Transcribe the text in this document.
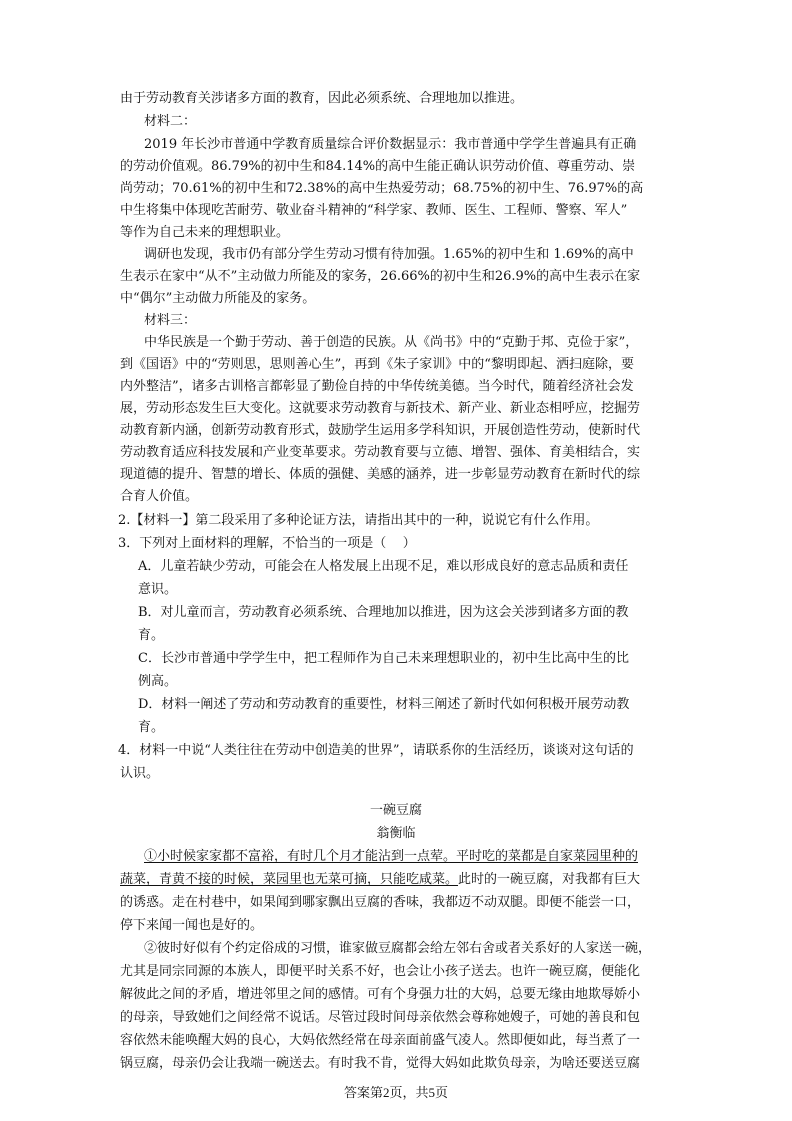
由于劳动教育关涉诸多方面的教育，因此必须系统、合理地加以推进。
材料二：
2019 年长沙市普通中学教育质量综合评价数据显示：我市普通中学学生普遍具有正确
的劳动价值观。86.79%的初中生和84.14%的高中生能正确认识劳动价值、尊重劳动、崇
尚劳动；70.61%的初中生和72.38%的高中生热爱劳动；68.75%的初中生、76.97%的高
中生将集中体现吃苦耐劳、敬业奋斗精神的“科学家、教师、医生、工程师、警察、军人”
等作为自己未来的理想职业。
调研也发现，我市仍有部分学生劳动习惯有待加强。1.65%的初中生和 1.69%的高中
生表示在家中“从不”主动做力所能及的家务，26.66%的初中生和26.9%的高中生表示在家
中“偶尔”主动做力所能及的家务。
材料三：
中华民族是一个勤于劳动、善于创造的民族。从《尚书》中的“克勤于邦、克俭于家”，
到《国语》中的“劳则思，思则善心生”，再到《朱子家训》中的“黎明即起、洒扫庭除，要
内外整洁”，诸多古训格言都彰显了勤俭自持的中华传统美德。当今时代，随着经济社会发
展，劳动形态发生巨大变化。这就要求劳动教育与新技术、新产业、新业态相呼应，挖掘劳
动教育新内涵，创新劳动教育形式，鼓励学生运用多学科知识，开展创造性劳动，使新时代
劳动教育适应科技发展和产业变革要求。劳动教育要与立德、增智、强体、育美相结合，实
现道德的提升、智慧的增长、体质的强健、美感的涵养，进一步彰显劳动教育在新时代的综
合育人价值。
2.【材料一】第二段采用了多种论证方法，请指出其中的一种，说说它有什么作用。
3．下列对上面材料的理解，不恰当的一项是（    ）
A．儿童若缺少劳动，可能会在人格发展上出现不足，难以形成良好的意志品质和责任
意识。
B．对儿童而言，劳动教育必须系统、合理地加以推进，因为这会关涉到诸多方面的教
育。
C．长沙市普通中学学生中，把工程师作为自己未来理想职业的，初中生比高中生的比
例高。
D．材料一阐述了劳动和劳动教育的重要性，材料三阐述了新时代如何积极开展劳动教
育。
4．材料一中说“人类往往在劳动中创造美的世界”，请联系你的生活经历，谈谈对这句话的
认识。
一碗豆腐
翁衡临
①小时候家家都不富裕，有时几个月才能沾到一点荤。平时吃的菜都是自家菜园里种的
蔬菜，青黄不接的时候，菜园里也无菜可摘，只能吃咸菜。此时的一碗豆腐，对我都有巨大
的诱惑。走在村巷中，如果闻到哪家飘出豆腐的香味，我都迈不动双腿。即便不能尝一口，
停下来闻一闻也是好的。
②彼时好似有个约定俗成的习惯，谁家做豆腐都会给左邻右舍或者关系好的人家送一碗，
尤其是同宗同源的本族人，即便平时关系不好，也会让小孩子送去。也许一碗豆腐，便能化
解彼此之间的矛盾，增进邻里之间的感情。可有个身强力壮的大妈，总要无缘由地欺辱娇小
的母亲，导致她们之间经常不说话。尽管过段时间母亲依然会尊称她嫂子，可她的善良和包
容依然未能唤醒大妈的良心，大妈依然经常在母亲面前盛气凌人。然即便如此，每当煮了一
锅豆腐，母亲仍会让我端一碗送去。有时我不肯，觉得大妈如此欺负母亲，为啥还要送豆腐
答案第2页，共5页
